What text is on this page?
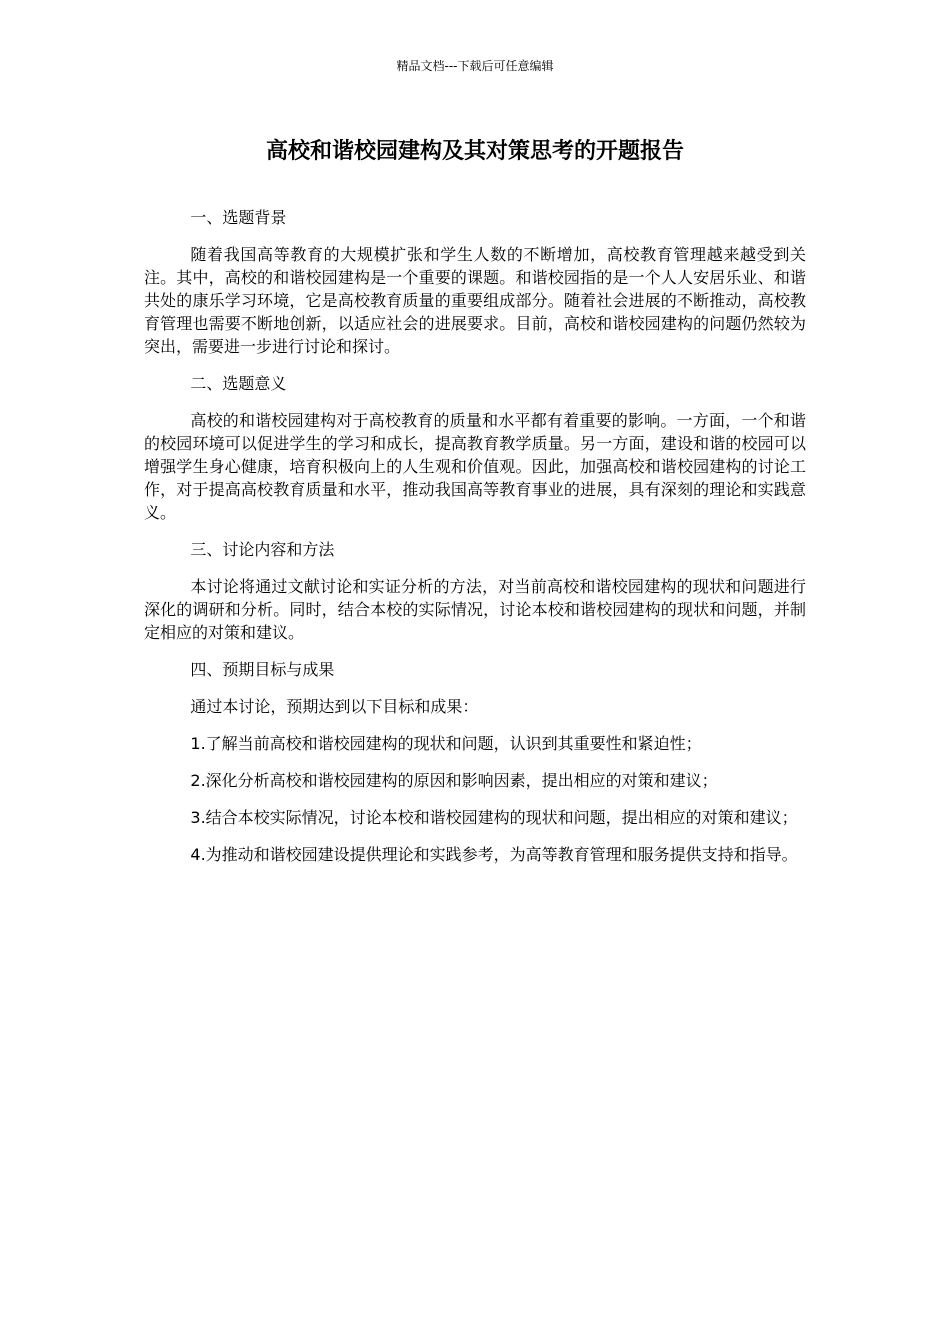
精品文档---下载后可任意编辑
高校和谐校园建构及其对策思考的开题报告

一、选题背景

随着我国高等教育的大规模扩张和学生人数的不断增加，高校教育管理越来越受到关注。其中，高校的和谐校园建构是一个重要的课题。和谐校园指的是一个人人安居乐业、和谐共处的康乐学习环境，它是高校教育质量的重要组成部分。随着社会进展的不断推动，高校教育管理也需要不断地创新，以适应社会的进展要求。目前，高校和谐校园建构的问题仍然较为突出，需要进一步进行讨论和探讨。

二、选题意义

高校的和谐校园建构对于高校教育的质量和水平都有着重要的影响。一方面，一个和谐的校园环境可以促进学生的学习和成长，提高教育教学质量。另一方面，建设和谐的校园可以增强学生身心健康，培育积极向上的人生观和价值观。因此，加强高校和谐校园建构的讨论工作，对于提高高校教育质量和水平，推动我国高等教育事业的进展，具有深刻的理论和实践意义。

三、讨论内容和方法

本讨论将通过文献讨论和实证分析的方法，对当前高校和谐校园建构的现状和问题进行深化的调研和分析。同时，结合本校的实际情况，讨论本校和谐校园建构的现状和问题，并制定相应的对策和建议。

四、预期目标与成果

通过本讨论，预期达到以下目标和成果：

1.了解当前高校和谐校园建构的现状和问题，认识到其重要性和紧迫性；

2.深化分析高校和谐校园建构的原因和影响因素，提出相应的对策和建议；

3.结合本校实际情况，讨论本校和谐校园建构的现状和问题，提出相应的对策和建议；

4.为推动和谐校园建设提供理论和实践参考，为高等教育管理和服务提供支持和指导。
